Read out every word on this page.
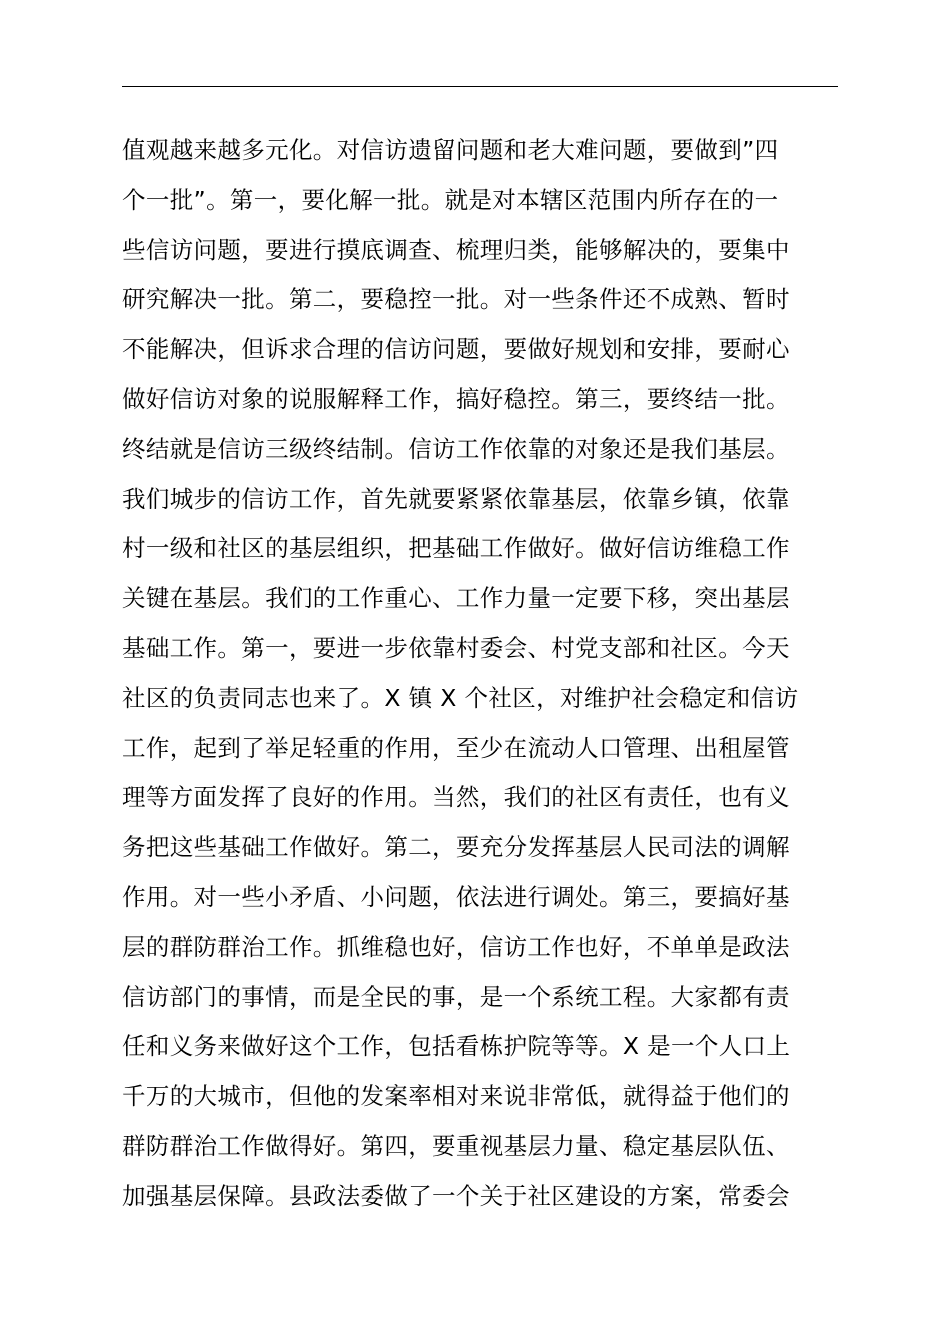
值观越来越多元化。对信访遗留问题和老大难问题，要做到”四
个一批”。第一，要化解一批。就是对本辖区范围内所存在的一
些信访问题，要进行摸底调查、梳理归类，能够解决的，要集中
研究解决一批。第二，要稳控一批。对一些条件还不成熟、暂时
不能解决，但诉求合理的信访问题，要做好规划和安排，要耐心
做好信访对象的说服解释工作，搞好稳控。第三，要终结一批。
终结就是信访三级终结制。信访工作依靠的对象还是我们基层。
我们城步的信访工作，首先就要紧紧依靠基层，依靠乡镇，依靠
村一级和社区的基层组织，把基础工作做好。做好信访维稳工作
关键在基层。我们的工作重心、工作力量一定要下移，突出基层
基础工作。第一，要进一步依靠村委会、村党支部和社区。今天
社区的负责同志也来了。X 镇 X 个社区，对维护社会稳定和信访
工作，起到了举足轻重的作用，至少在流动人口管理、出租屋管
理等方面发挥了良好的作用。当然，我们的社区有责任，也有义
务把这些基础工作做好。第二，要充分发挥基层人民司法的调解
作用。对一些小矛盾、小问题，依法进行调处。第三，要搞好基
层的群防群治工作。抓维稳也好，信访工作也好，不单单是政法
信访部门的事情，而是全民的事，是一个系统工程。大家都有责
任和义务来做好这个工作，包括看栋护院等等。X 是一个人口上
千万的大城市，但他的发案率相对来说非常低，就得益于他们的
群防群治工作做得好。第四，要重视基层力量、稳定基层队伍、
加强基层保障。县政法委做了一个关于社区建设的方案，常委会
